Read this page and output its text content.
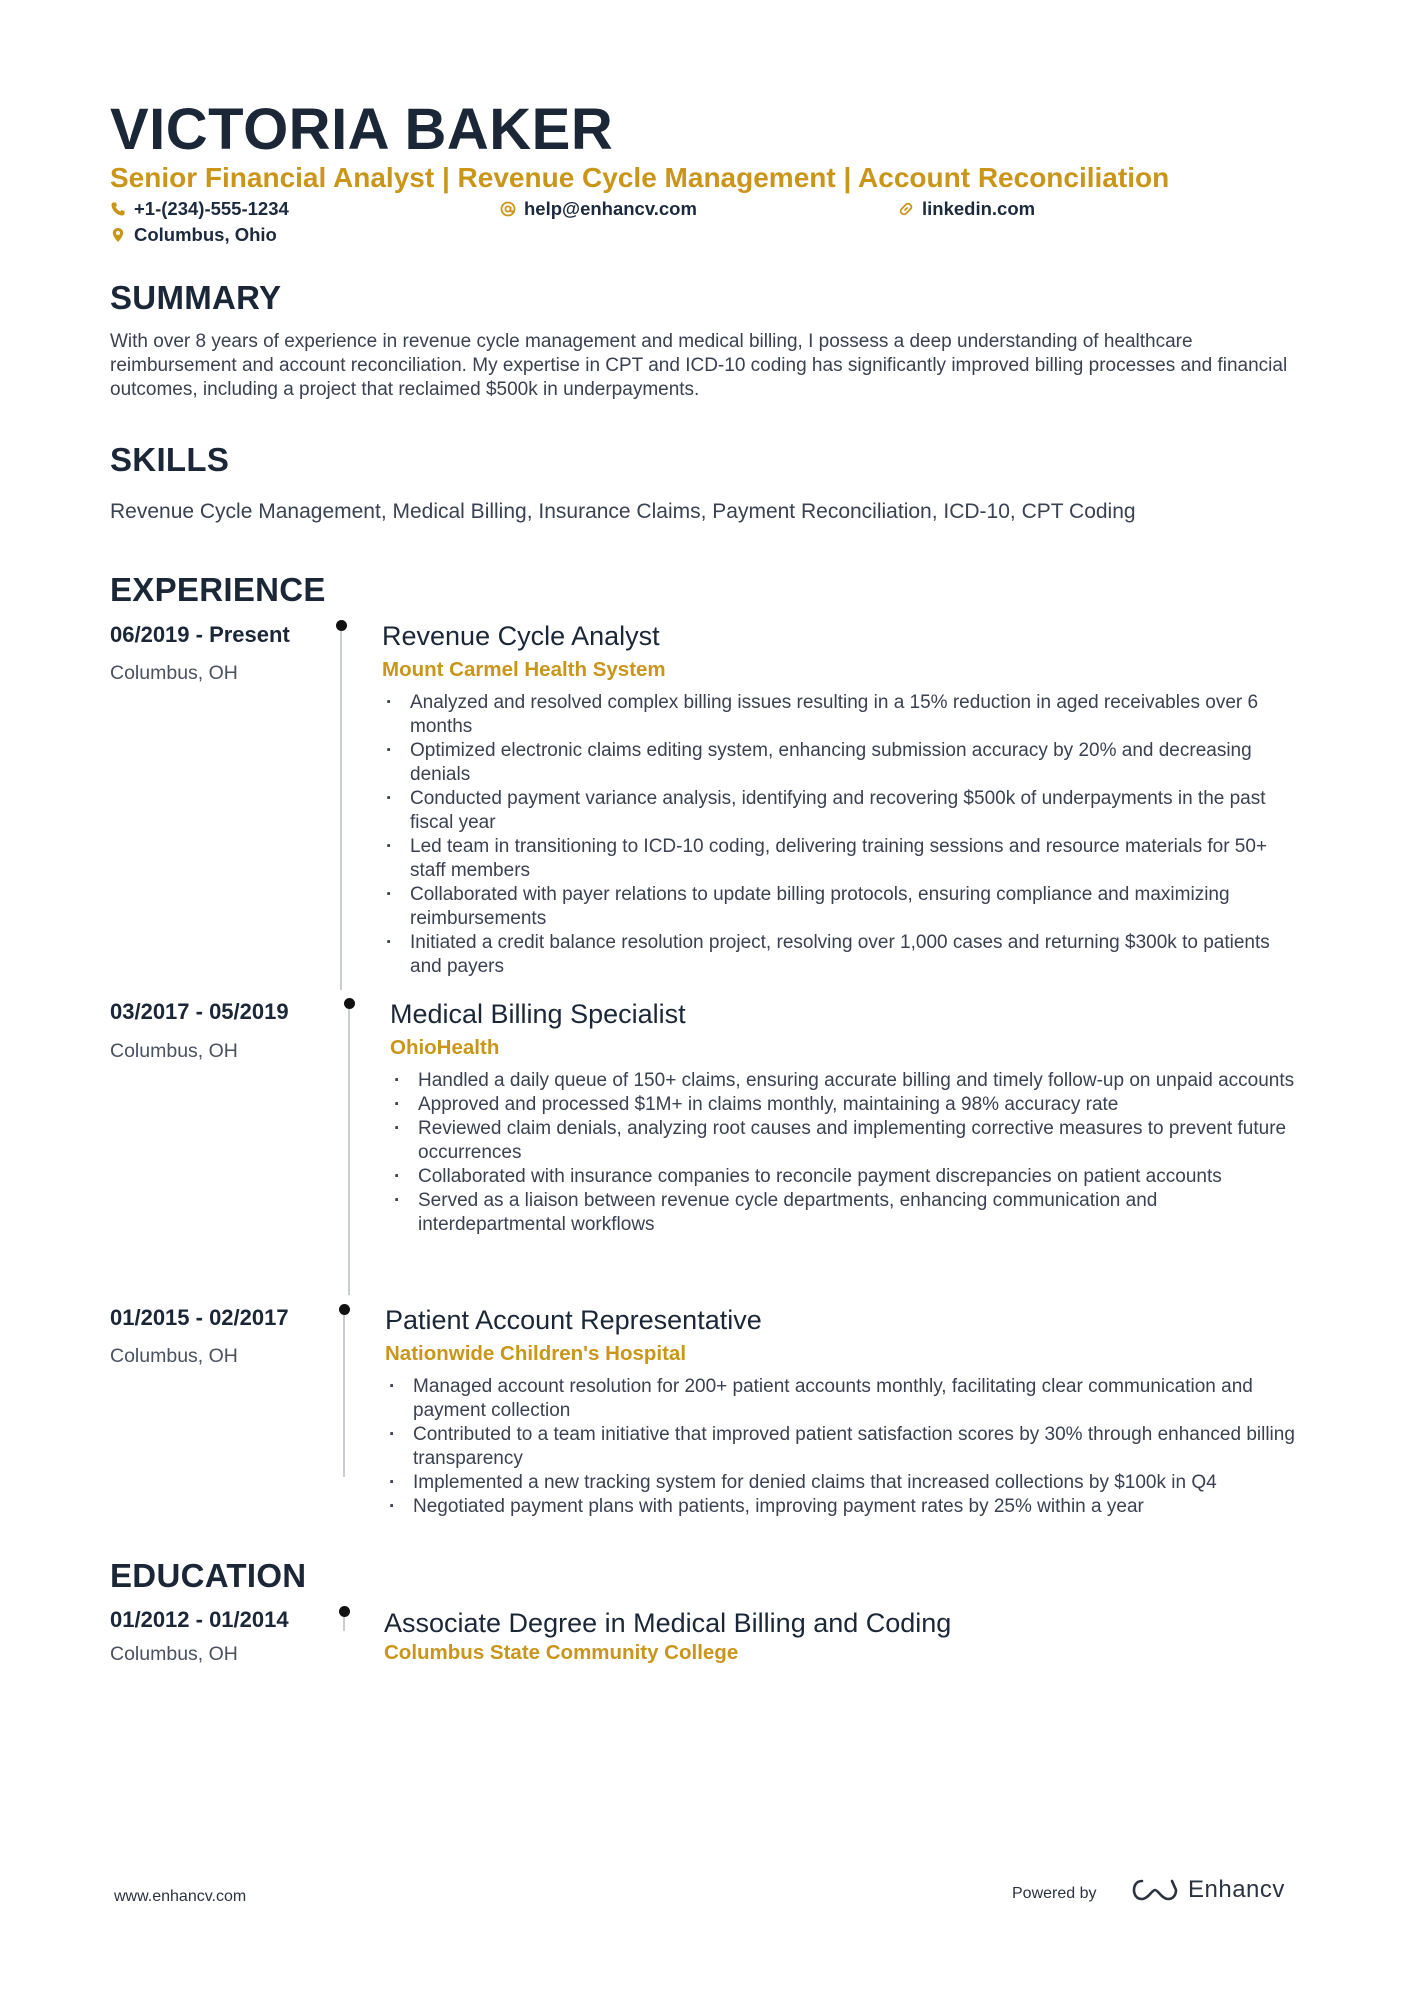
VICTORIA BAKER
Senior Financial Analyst | Revenue Cycle Management | Account Reconciliation
+1-(234)-555-1234	help@enhancv.com	linkedin.com
Columbus, Ohio
SUMMARY

With over 8 years of experience in revenue cycle management and medical billing, I possess a deep understanding of healthcare reimbursement and account reconciliation. My expertise in CPT and ICD-10 coding has significantly improved billing processes and financial outcomes, including a project that reclaimed $500k in underpayments.

SKILLS

Revenue Cycle Management, Medical Billing, Insurance Claims, Payment Reconciliation, ICD-10, CPT Coding

EXPERIENCE
06/2019 - Present
Columbus, OH
Revenue Cycle Analyst
Mount Carmel Health System
· Analyzed and resolved complex billing issues resulting in a 15% reduction in aged receivables over 6 months
· Optimized electronic claims editing system, enhancing submission accuracy by 20% and decreasing denials
· Conducted payment variance analysis, identifying and recovering $500k of underpayments in the past fiscal year
· Led team in transitioning to ICD-10 coding, delivering training sessions and resource materials for 50+ staff members
· Collaborated with payer relations to update billing protocols, ensuring compliance and maximizing reimbursements
· Initiated a credit balance resolution project, resolving over 1,000 cases and returning $300k to patients and payers
03/2017 - 05/2019
Columbus, OH
Medical Billing Specialist
OhioHealth
· Handled a daily queue of 150+ claims, ensuring accurate billing and timely follow-up on unpaid accounts
· Approved and processed $1M+ in claims monthly, maintaining a 98% accuracy rate
· Reviewed claim denials, analyzing root causes and implementing corrective measures to prevent future occurrences
· Collaborated with insurance companies to reconcile payment discrepancies on patient accounts
· Served as a liaison between revenue cycle departments, enhancing communication and interdepartmental workflows
01/2015 - 02/2017
Columbus, OH
Patient Account Representative
Nationwide Children's Hospital
· Managed account resolution for 200+ patient accounts monthly, facilitating clear communication and payment collection
· Contributed to a team initiative that improved patient satisfaction scores by 30% through enhanced billing transparency
· Implemented a new tracking system for denied claims that increased collections by $100k in Q4
· Negotiated payment plans with patients, improving payment rates by 25% within a year
EDUCATION
01/2012 - 01/2014
Columbus, OH
Associate Degree in Medical Billing and Coding
Columbus State Community College
www.enhancv.com	Powered by	Enhancv
